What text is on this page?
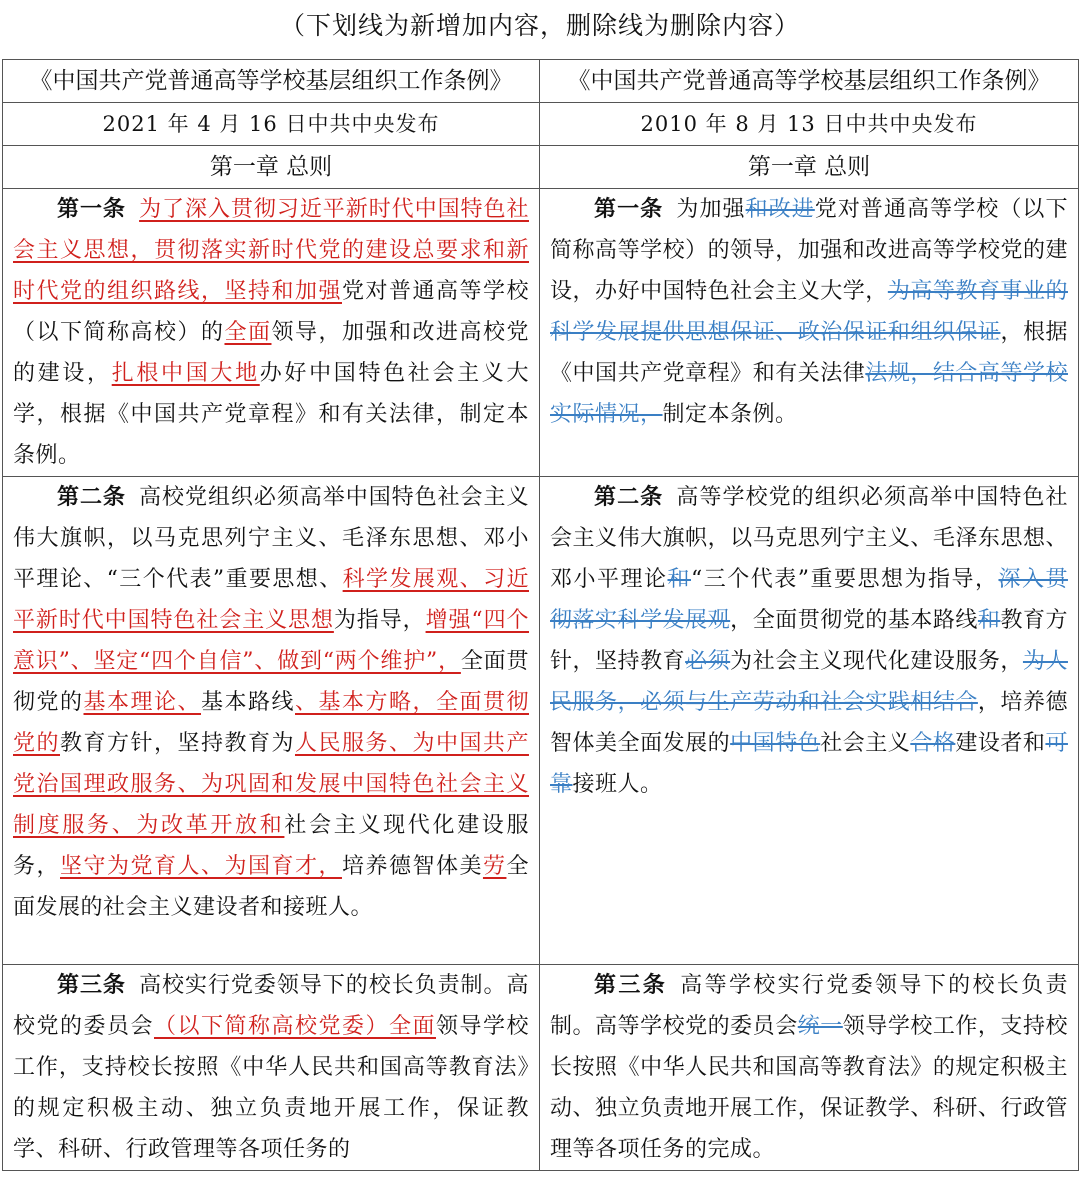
（下划线为新增加内容，删除线为删除内容）
《中国共产党普通高等学校基层组织工作条例》	《中国共产党普通高等学校基层组织工作条例》
2021 年 4 月 16 日中共中央发布	2010 年 8 月 13 日中共中央发布
第一章 总则	第一章 总则
第一条 为了深入贯彻习近平新时代中国特色社会主义思想，贯彻落实新时代党的建设总要求和新时代党的组织路线，坚持和加强党对普通高等学校（以下简称高校）的全面领导，加强和改进高校党的建设，扎根中国大地办好中国特色社会主义大学，根据《中国共产党章程》和有关法律，制定本条例。	第一条 为加强和改进党对普通高等学校（以下简称高等学校）的领导，加强和改进高等学校党的建设，办好中国特色社会主义大学，为高等教育事业的科学发展提供思想保证、政治保证和组织保证，根据《中国共产党章程》和有关法律法规，结合高等学校实际情况，制定本条例。
第二条 高校党组织必须高举中国特色社会主义伟大旗帜，以马克思列宁主义、毛泽东思想、邓小平理论、“三个代表”重要思想、科学发展观、习近平新时代中国特色社会主义思想为指导，增强“四个意识”、坚定“四个自信”、做到“两个维护”，全面贯彻党的基本理论、基本路线、基本方略，全面贯彻党的教育方针，坚持教育为人民服务、为中国共产党治国理政服务、为巩固和发展中国特色社会主义制度服务、为改革开放和社会主义现代化建设服务，坚守为党育人、为国育才，培养德智体美劳全面发展的社会主义建设者和接班人。	第二条 高等学校党的组织必须高举中国特色社会主义伟大旗帜，以马克思列宁主义、毛泽东思想、邓小平理论和“三个代表”重要思想为指导，深入贯彻落实科学发展观，全面贯彻党的基本路线和教育方针，坚持教育必须为社会主义现代化建设服务，为人民服务，必须与生产劳动和社会实践相结合，培养德智体美全面发展的中国特色社会主义合格建设者和可靠接班人。
第三条 高校实行党委领导下的校长负责制。高校党的委员会（以下简称高校党委）全面领导学校工作，支持校长按照《中华人民共和国高等教育法》的规定积极主动、独立负责地开展工作，保证教学、科研、行政管理等各项任务的	第三条 高等学校实行党委领导下的校长负责制。高等学校党的委员会统一领导学校工作，支持校长按照《中华人民共和国高等教育法》的规定积极主动、独立负责地开展工作，保证教学、科研、行政管理等各项任务的完成。
